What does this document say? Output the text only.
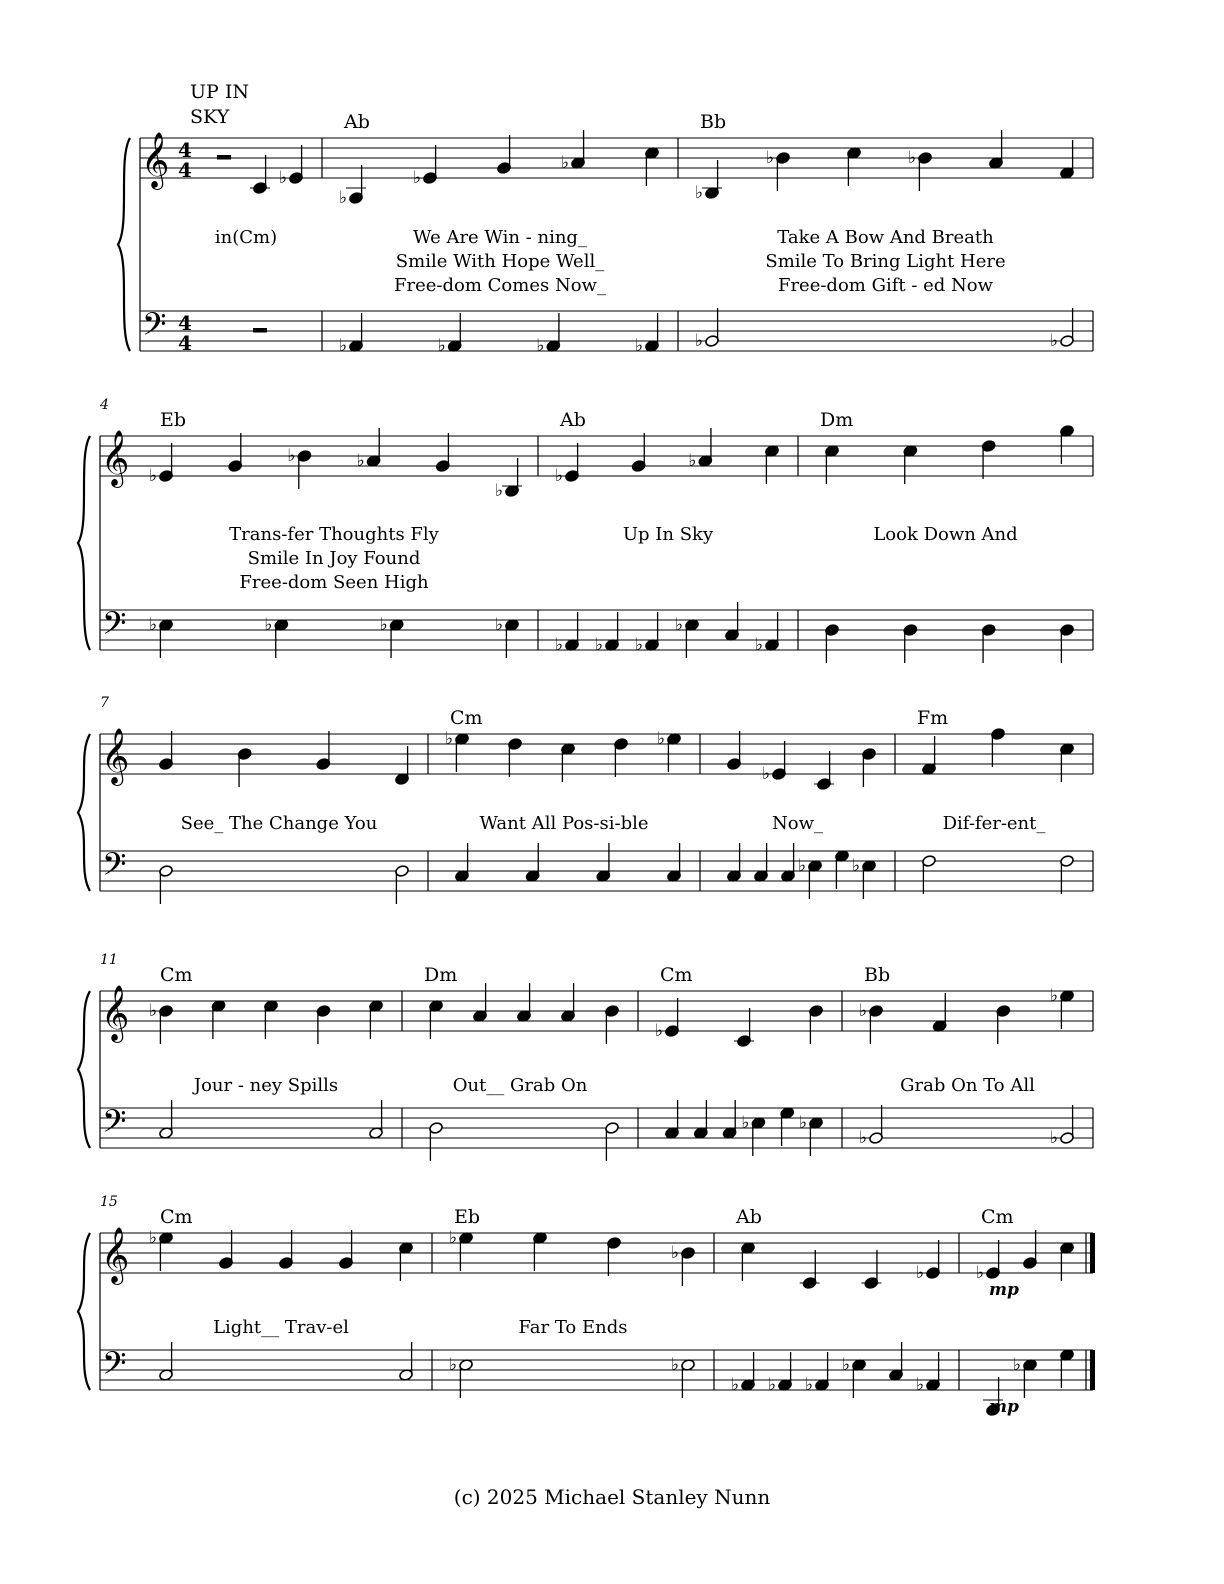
UP IN
SKY
𝄞
𝄢
4
4
4
4
♭
in(Cm)
Ab
♭
♭
♭
♭	♭	♭	♭
We Are Win - ning_
Smile With Hope Well_
Free-dom Comes Now_
Bb
♭
♭	♭
♭	♭
Take A Bow And Breath
Smile To Bring Light Here
Free-dom Gift - ed Now
𝄞
𝄢
4
Eb
♭
♭	♭
♭
♭	♭	♭	♭
Trans-fer Thoughts Fly
Smile In Joy Found
Free-dom Seen High
Ab
♭
♭
♭ ♭ ♭
♭
♭
Up In Sky
Dm
Look Down And
𝄞
𝄢
7
See_ The Change You
Cm
♭	♭
Want All Pos-si-ble
♭
♭	♭
Now_
Fm
Dif-fer-ent_
𝄞
𝄢
11
Cm
♭
Jour - ney Spills
Dm
Out__ Grab On
Cm
♭
♭	♭
Bb
♭
♭
♭	♭
Grab On To All
𝄞
𝄢
15
Cm
♭
Light__ Trav-el
Eb
♭
♭
♭	♭
Far To Ends
Ab
♭
♭ ♭ ♭
♭
♭
Cm
♭
♭
mp
mp
(c) 2025 Michael Stanley Nunn
